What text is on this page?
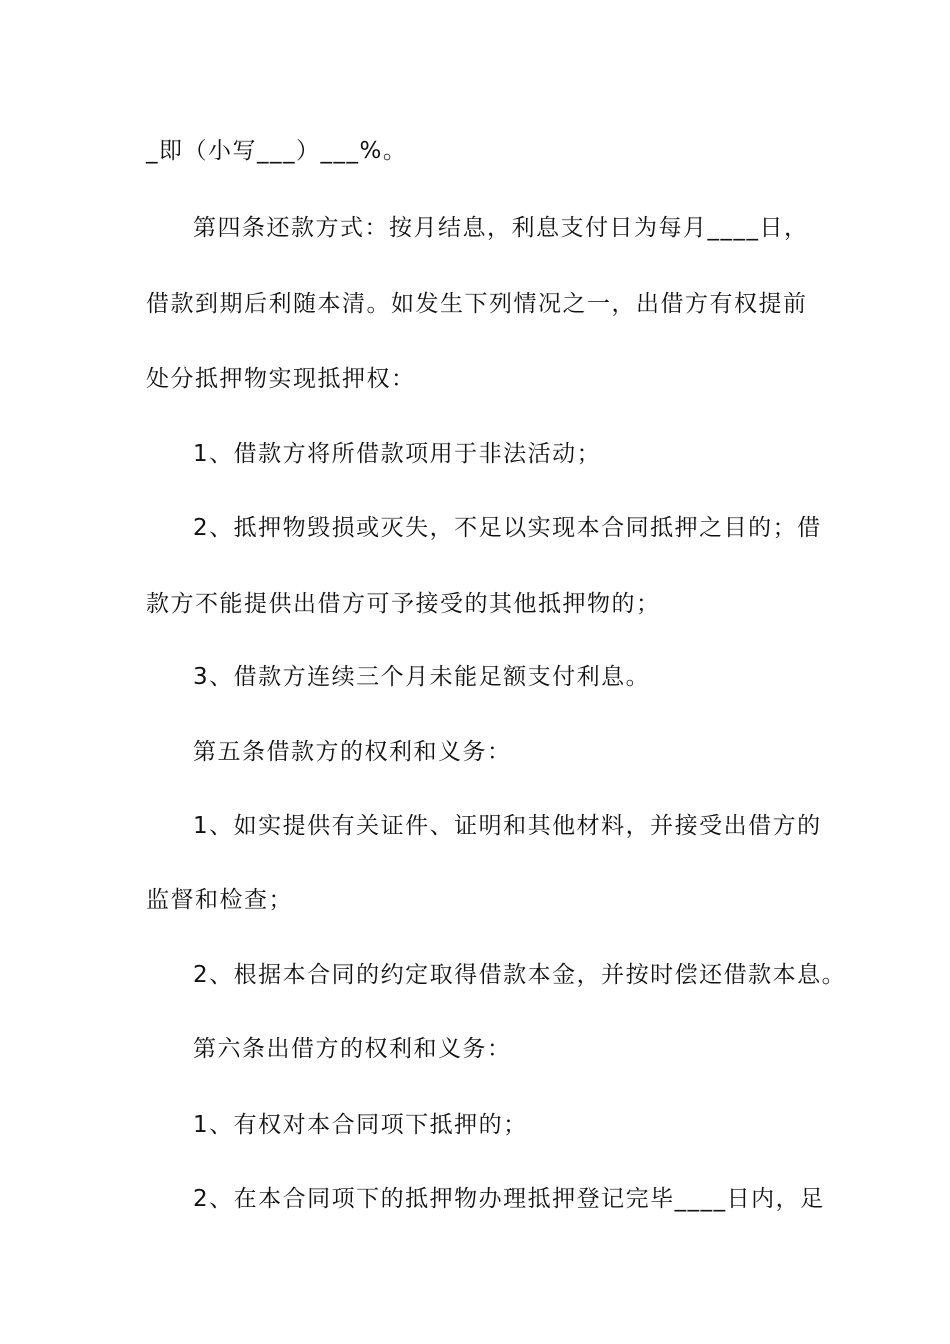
_即（小写___）___%。
第四条还款方式：按月结息，利息支付日为每月____日，
借款到期后利随本清。如发生下列情况之一，出借方有权提前
处分抵押物实现抵押权：
1、借款方将所借款项用于非法活动；
2、抵押物毁损或灭失，不足以实现本合同抵押之目的；借
款方不能提供出借方可予接受的其他抵押物的；
3、借款方连续三个月未能足额支付利息。
第五条借款方的权利和义务：
1、如实提供有关证件、证明和其他材料，并接受出借方的
监督和检查；
2、根据本合同的约定取得借款本金，并按时偿还借款本息。
第六条出借方的权利和义务：
1、有权对本合同项下抵押的；
2、在本合同项下的抵押物办理抵押登记完毕____日内，足
